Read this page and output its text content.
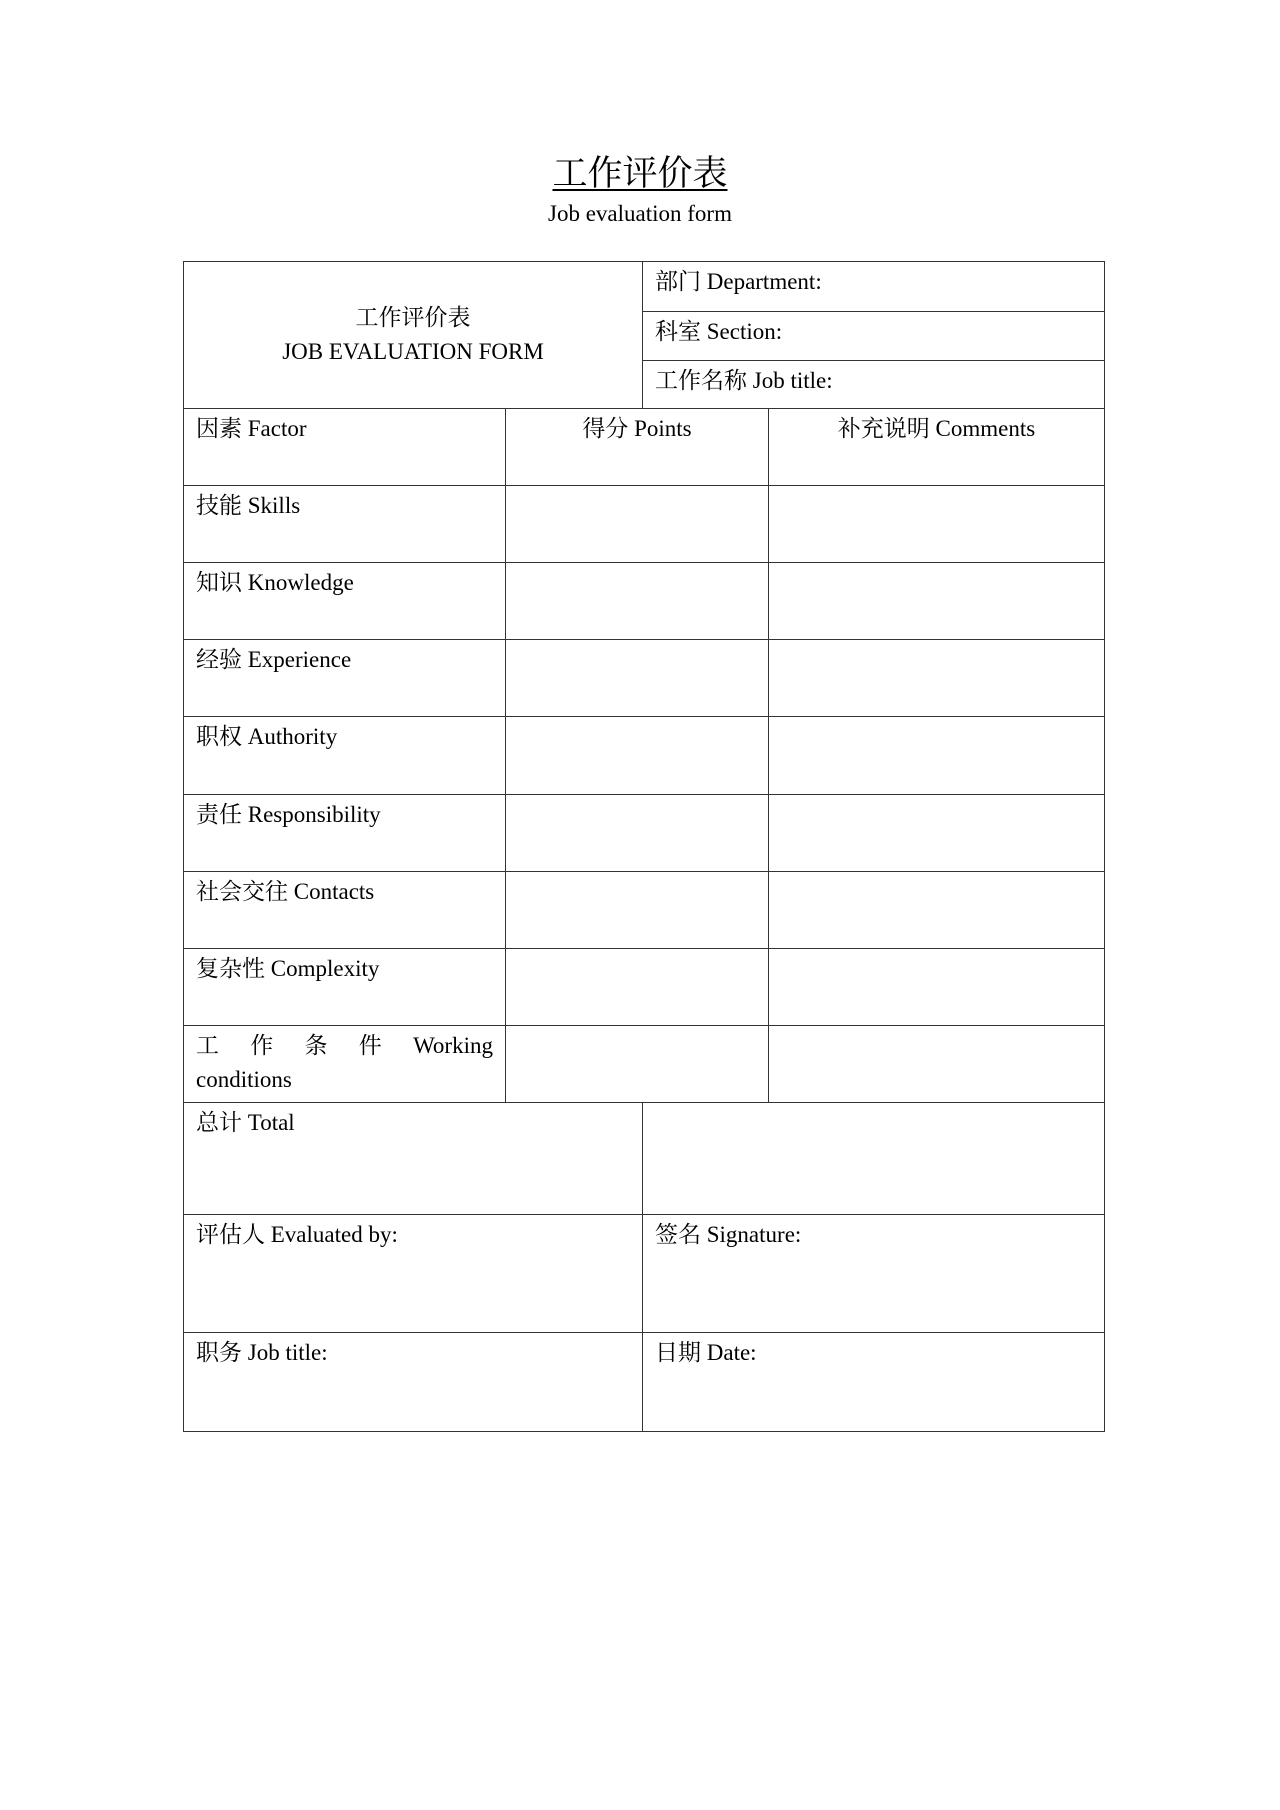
工作评价表
Job evaluation form
工作评价表
JOB EVALUATION FORM
部门 Department:
科室 Section:
工作名称 Job title:
因素 Factor	得分 Points	补充说明 Comments
技能 Skills
知识 Knowledge
经验 Experience
职权 Authority
责任 Responsibility
社会交往 Contacts
复杂性 Complexity
工 作 条 件 Working
conditions
总计 Total
评估人 Evaluated by:	签名 Signature:
职务 Job title:	日期 Date:
